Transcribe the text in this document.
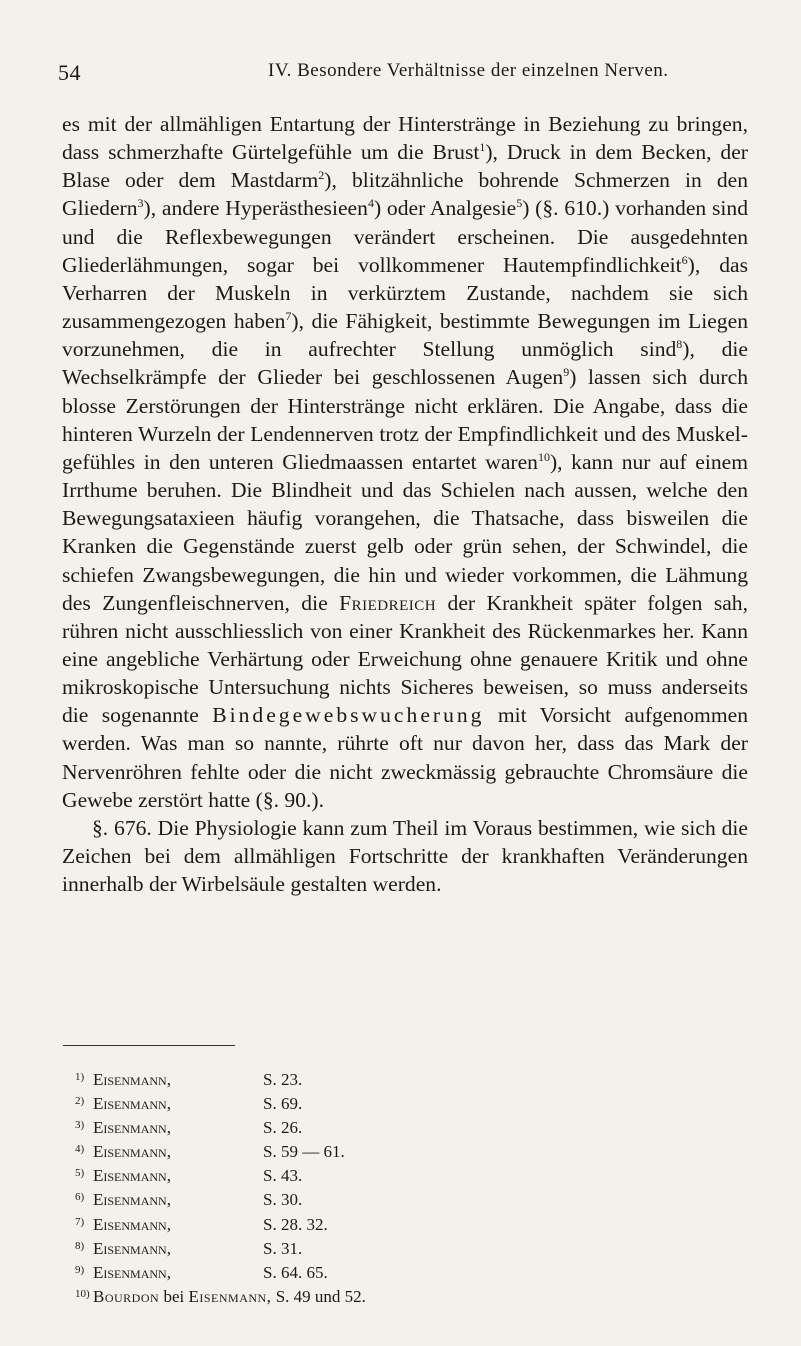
54	IV. Besondere Verhältnisse der einzelnen Nerven.

es mit der allmähligen Entartung der Hinterstränge in Beziehung zu bringen, dass schmerzhafte Gürtelgefühle um die Brust$^1$), Druck in dem Becken, der Blase oder dem Mastdarm$^2$), blitzähnliche bohrende Schmerzen in den Gliedern$^3$), andere Hyperästhesieen$^4$) oder Analgesie$^5$) (§. 610.) vorhanden sind und die Reflexbewegungen verändert erscheinen. Die ausgedehnten Gliederlähmungen, sogar bei vollkommener Hautempfindlichkeit$^6$), das Verharren der Muskeln in verkürztem Zustande, nachdem sie sich zusammengezogen haben$^7$), die Fähigkeit, bestimmte Bewegungen im Liegen vorzunehmen, die in aufrechter Stellung unmöglich sind$^8$), die Wechselkrämpfe der Glieder bei geschlossenen Augen$^9$) lassen sich durch blosse Zerstörungen der Hinterstränge nicht erklären. Die Angabe, dass die hinteren Wurzeln der Lendennerven trotz der Empfindlichkeit und des Muskelgefühles in den unteren Gliedmaassen entartet waren$^{10}$), kann nur auf einem Irrthume beruhen. Die Blindheit und das Schielen nach aussen, welche den Bewegungsataxieen häufig vorangehen, die Thatsache, dass bisweilen die Kranken die Gegenstände zuerst gelb oder grün sehen, der Schwindel, die schiefen Zwangsbewegungen, die hin und wieder vorkommen, die Lähmung des Zungenfleischnerven, die Friedreich der Krankheit später folgen sah, rühren nicht ausschliesslich von einer Krankheit des Rückenmarkes her. Kann eine angebliche Verhärtung oder Erweichung ohne genauere Kritik und ohne mikroskopische Untersuchung nichts Sicheres beweisen, so muss anderseits die sogenannte Bindegewebswucherung mit Vorsicht aufgenommen werden. Was man so nannte, rührte oft nur davon her, dass das Mark der Nervenröhren fehlte oder die nicht zweckmässig gebrauchte Chromsäure die Gewebe zerstört hatte (§. 90.).

§. 676. Die Physiologie kann zum Theil im Voraus bestimmen, wie sich die Zeichen bei dem allmähligen Fortschritte der krankhaften Veränderungen innerhalb der Wirbelsäule gestalten werden.

1) Eisenmann,	S. 23.
2) Eisenmann,	S. 69.
3) Eisenmann,	S. 26.
4) Eisenmann,	S. 59 — 61.
5) Eisenmann,	S. 43.
6) Eisenmann,	S. 30.
7) Eisenmann,	S. 28. 32.
8) Eisenmann,	S. 31.
9) Eisenmann,	S. 64. 65.
10) Bourdon bei Eisenmann, S. 49 und 52.
